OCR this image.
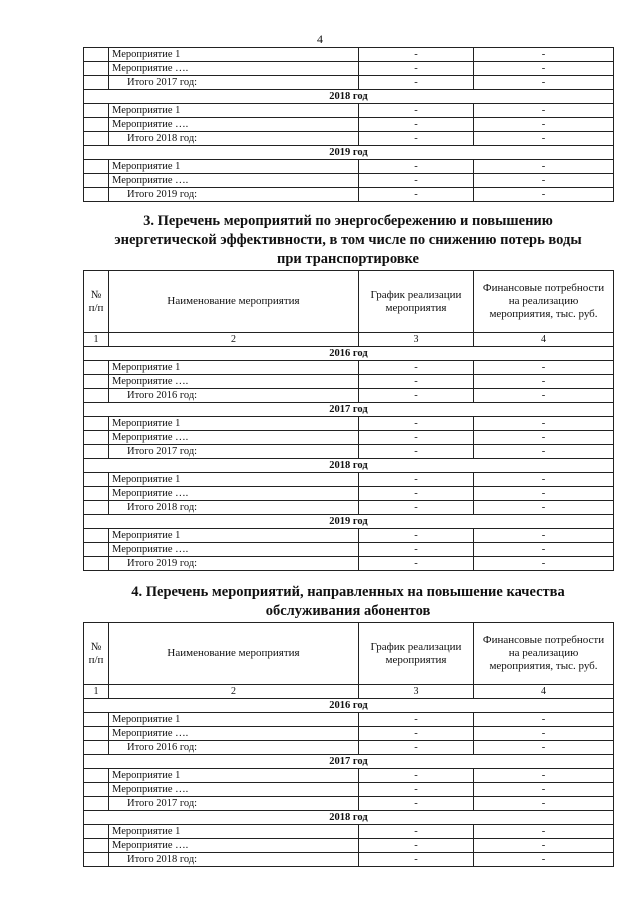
4
	Мероприятие 1	-	-
	Мероприятие ….	-	-
	Итого 2017 год:	-	-
2018 год			
	Мероприятие 1	-	-
	Мероприятие ….	-	-
	Итого 2018 год:	-	-
2019 год			
	Мероприятие 1	-	-
	Мероприятие ….	-	-
	Итого 2019 год:	-	-
3. Перечень мероприятий по энергосбережению и повышению
энергетической эффективности, в том числе по снижению потерь воды
при транспортировке
№ п/п	Наименование мероприятия	График реализации мероприятия	Финансовые потребности на реализацию мероприятия, тыс. руб.
1	2	3	4
2016 год			
	Мероприятие 1	-	-
	Мероприятие ….	-	-
	Итого 2016 год:	-	-
2017 год			
	Мероприятие 1	-	-
	Мероприятие ….	-	-
	Итого 2017 год:	-	-
2018 год			
	Мероприятие 1	-	-
	Мероприятие ….	-	-
	Итого 2018 год:	-	-
2019 год			
	Мероприятие 1	-	-
	Мероприятие ….	-	-
	Итого 2019 год:	-	-
4. Перечень мероприятий, направленных на повышение качества
обслуживания абонентов
№ п/п	Наименование мероприятия	График реализации мероприятия	Финансовые потребности на реализацию мероприятия, тыс. руб.
1	2	3	4
2016 год			
	Мероприятие 1	-	-
	Мероприятие ….	-	-
	Итого 2016 год:	-	-
2017 год			
	Мероприятие 1	-	-
	Мероприятие ….	-	-
	Итого 2017 год:	-	-
2018 год			
	Мероприятие 1	-	-
	Мероприятие ….	-	-
	Итого 2018 год:	-	-
